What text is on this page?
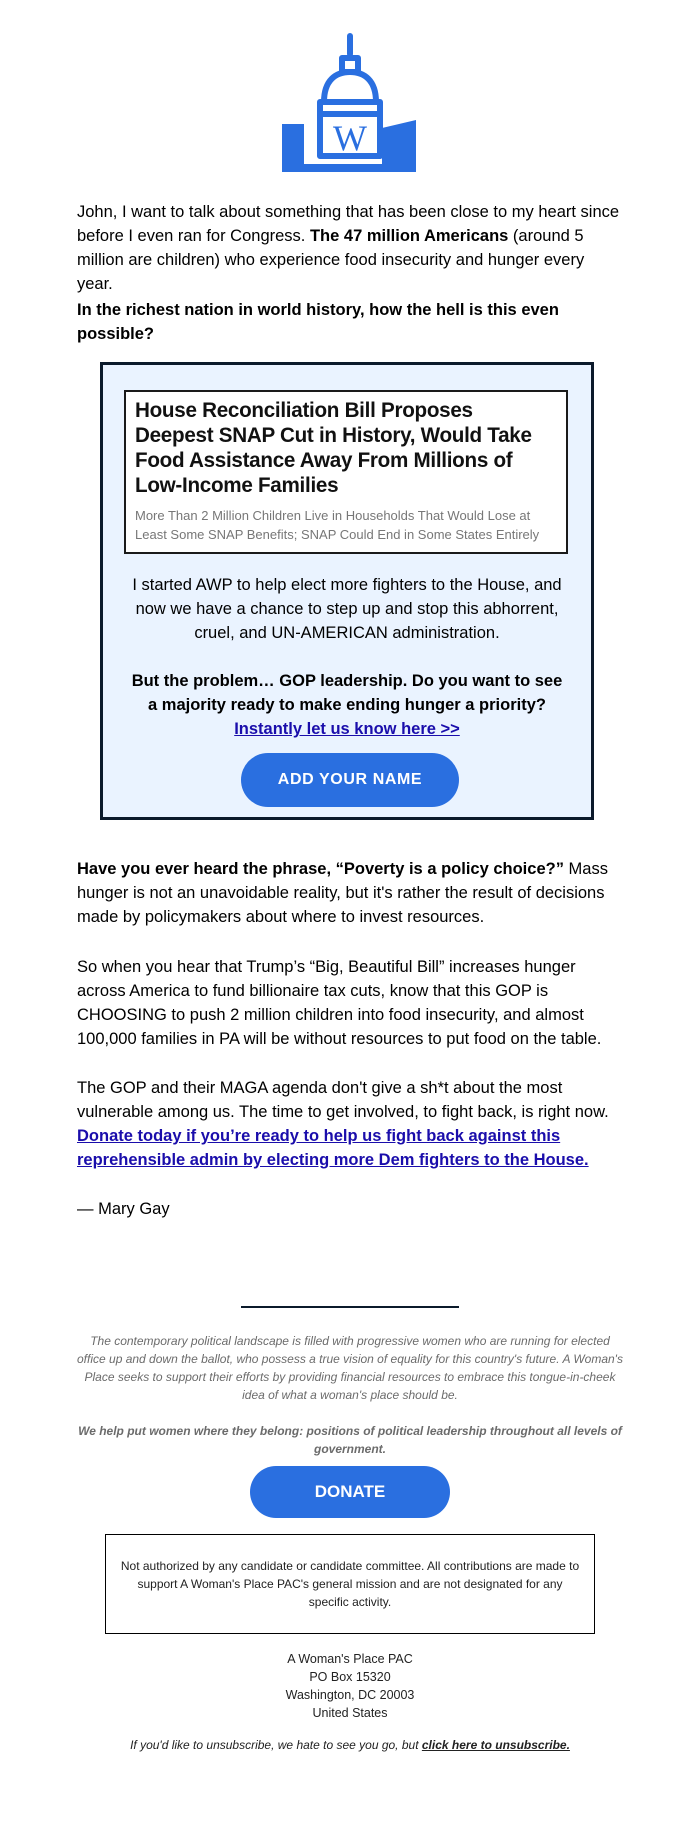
W

John, I want to talk about something that has been close to my heart since before I even ran for Congress. The 47 million Americans (around 5 million are children) who experience food insecurity and hunger every year.

In the richest nation in world history, how the hell is this even

possible?

House Reconciliation Bill Proposes Deepest SNAP Cut in History, Would Take Food Assistance Away From Millions of Low-Income Families
More Than 2 Million Children Live in Households That Would Lose at Least Some SNAP Benefits; SNAP Could End in Some States Entirely
I started AWP to help elect more fighters to the House, and now we have a chance to step up and stop this abhorrent, cruel, and UN-AMERICAN administration.
But the problem… GOP leadership. Do you want to see a majority ready to make ending hunger a priority?
Instantly let us know here >>
ADD YOUR NAME

Have you ever heard the phrase, “Poverty is a policy choice?” Mass hunger is not an unavoidable reality, but it's rather the result of decisions made by policymakers about where to invest resources.

So when you hear that Trump’s “Big, Beautiful Bill” increases hunger across America to fund billionaire tax cuts, know that this GOP is CHOOSING to push 2 million children into food insecurity, and almost 100,000 families in PA will be without resources to put food on the table.

The GOP and their MAGA agenda don't give a sh*t about the most vulnerable among us. The time to get involved, to fight back, is right now. Donate today if you’re ready to help us fight back against this reprehensible admin by electing more Dem fighters to the House.

— Mary Gay
The contemporary political landscape is filled with progressive women who are running for elected office up and down the ballot, who possess a true vision of equality for this country's future. A Woman's Place seeks to support their efforts by providing financial resources to embrace this tongue-in-cheek idea of what a woman's place should be.
We help put women where they belong: positions of political leadership throughout all levels of government.
DONATE
Not authorized by any candidate or candidate committee. All contributions are made to support A Woman's Place PAC's general mission and are not designated for any specific activity.
A Woman's Place PAC
PO Box 15320
Washington, DC 20003
United States
If you'd like to unsubscribe, we hate to see you go, but click here to unsubscribe.
